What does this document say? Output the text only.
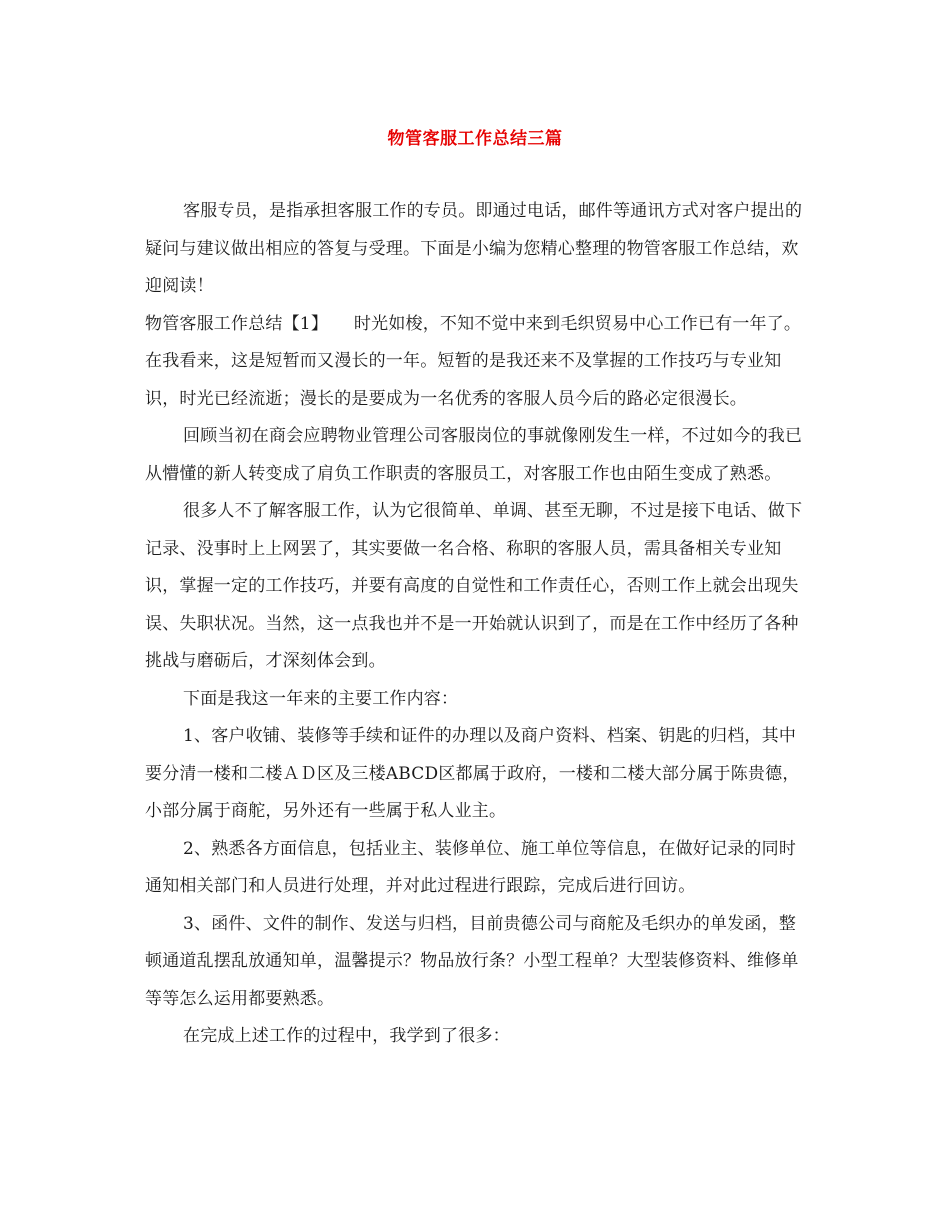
物管客服工作总结三篇

客服专员，是指承担客服工作的专员。即通过电话，邮件等通讯方式对客户提出的疑问与建议做出相应的答复与受理。下面是小编为您精心整理的物管客服工作总结，欢迎阅读！

物管客服工作总结【1】　　时光如梭，不知不觉中来到毛织贸易中心工作已有一年了。在我看来，这是短暂而又漫长的一年。短暂的是我还来不及掌握的工作技巧与专业知识，时光已经流逝；漫长的是要成为一名优秀的客服人员今后的路必定很漫长。

回顾当初在商会应聘物业管理公司客服岗位的事就像刚发生一样，不过如今的我已从懵懂的新人转变成了肩负工作职责的客服员工，对客服工作也由陌生变成了熟悉。

很多人不了解客服工作，认为它很简单、单调、甚至无聊，不过是接下电话、做下记录、没事时上上网罢了，其实要做一名合格、称职的客服人员，需具备相关专业知识，掌握一定的工作技巧，并要有高度的自觉性和工作责任心，否则工作上就会出现失误、失职状况。当然，这一点我也并不是一开始就认识到了，而是在工作中经历了各种挑战与磨砺后，才深刻体会到。

下面是我这一年来的主要工作内容：

1、客户收铺、装修等手续和证件的办理以及商户资料、档案、钥匙的归档，其中要分清一楼和二楼ＡＤ区及三楼ABCD区都属于政府，一楼和二楼大部分属于陈贵德，小部分属于商舵，另外还有一些属于私人业主。

2、熟悉各方面信息，包括业主、装修单位、施工单位等信息，在做好记录的同时通知相关部门和人员进行处理，并对此过程进行跟踪，完成后进行回访。

3、函件、文件的制作、发送与归档，目前贵德公司与商舵及毛织办的单发函，整顿通道乱摆乱放通知单，温馨提示？物品放行条？小型工程单？大型装修资料、维修单等等怎么运用都要熟悉。

在完成上述工作的过程中，我学到了很多：
